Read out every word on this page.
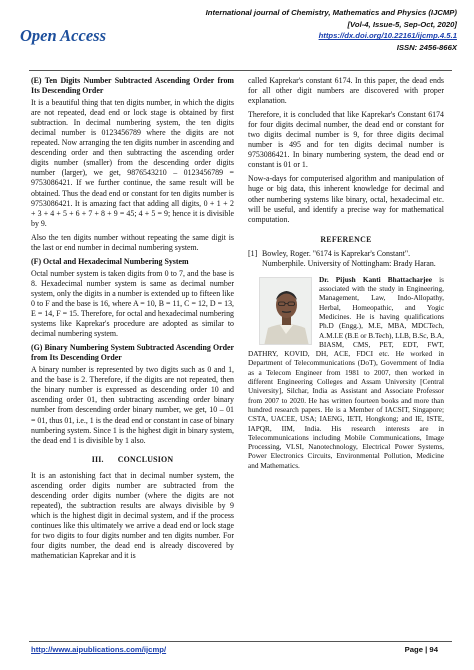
Open Access
International journal of Chemistry, Mathematics and Physics (IJCMP)
[Vol-4, Issue-5, Sep-Oct, 2020]
https://dx.doi.org/10.22161/ijcmp.4.5.1
ISSN: 2456-866X
(E) Ten Digits Number Subtracted Ascending Order from Its Descending Order
It is a beautiful thing that ten digits number, in which the digits are not repeated, dead end or lock stage is obtained by first subtraction. In decimal numbering system, the ten digits decimal number is 0123456789 where the digits are not repeated. Now arranging the ten digits number in ascending and descending order and then subtracting the ascending order digits number (smaller) from the descending order digits number (larger), we get, 9876543210 – 0123456789 = 9753086421. If we further continue, the same result will be obtained. Thus the dead end or constant for ten digits number is 9753086421. It is amazing fact that adding all digits, 0 + 1 + 2 + 3 + 4 + 5 + 6 + 7 + 8 + 9 = 45; 4 + 5 = 9; hence it is divisible by 9.
Also the ten digits number without repeating the same digit is the last or end number in decimal numbering system.
(F) Octal and Hexadecimal Numbering System
Octal number system is taken digits from 0 to 7, and the base is 8. Hexadecimal number system is same as decimal number system, only the digits in a number is extended up to fifteen like 0 to F and the base is 16, where A = 10, B = 11, C = 12, D = 13, E = 14, F = 15. Therefore, for octal and hexadecimal numbering systems like Kaprekar's procedure are adopted as similar to decimal numbering system.
(G) Binary Numbering System Subtracted Ascending Order from Its Descending Order
A binary number is represented by two digits such as 0 and 1, and the base is 2. Therefore, if the digits are not repeated, then the binary number is expressed as descending order 10 and ascending order 01, then subtracting ascending order binary number from descending order binary number, we get, 10 – 01 = 01, thus 01, i.e., 1 is the dead end or constant in case of binary numbering system. Since 1 is the highest digit in binary system, the dead end 1 is divisible by 1 also.
III. CONCLUSION
It is an astonishing fact that in decimal number system, the ascending order digits number are subtracted from the descending order digits number (where the digits are not repeated), the subtraction results are always divisible by 9 which is the highest digit in decimal system, and if the process continues like this ultimately we arrive a dead end or lock stage for two digits to four digits number and ten digits number. For four digits number, the dead end is already discovered by mathematician Kaprekar and it is
called Kaprekar's constant 6174. In this paper, the dead ends for all other digit numbers are discovered with proper explanation.
Therefore, it is concluded that like Kaprekar's Constant 6174 for four digits decimal number, the dead end or constant for two digits decimal number is 9, for three digits decimal number is 495 and for ten digits decimal number is 9753086421. In binary numbering system, the dead end or constant is 01 or 1.
Now-a-days for computerised algorithm and manipulation of huge or big data, this inherent knowledge for decimal and other numbering systems like binary, octal, hexadecimal etc. will be useful, and identify a precise way for mathematical computation.
REFERENCE
[1] Bowley, Roger. "6174 is Kaprekar's Constant". Numberphile. University of Nottingham: Brady Haran.
Dr. Pijush Kanti Bhattacharjee is associated with the study in Engineering, Management, Law, Indo-Allopathy, Herbal, Homeopathic, and Yogic Medicines. He is having qualifications Ph.D (Engg.), M.E, MBA, MDCTech, A.M.I.E (B.E or B.Tech), LLB, B.Sc, B.A, BIASM, CMS, PET, EDT, FWT, DATHRY, KOVID, DH, ACE, FDCI etc. He worked in Department of Telecommunications (DoT), Government of India as a Telecom Engineer from 1981 to 2007, then worked in different Engineering Colleges and Assam University [Central University], Silchar, India as Assistant and Associate Professor from 2007 to 2020. He has written fourteen books and more than hundred research papers. He is a Member of IACSIT, Singapore; CSTA, UACEE, USA; IAENG, IETI, Hongkong; and IE, ISTE, IAPQR, IIM, India. His research interests are in Telecommunications including Mobile Communications, Image Processing, VLSI, Nanotechnology, Electrical Power Systems, Power Electronics Circuits, Environmental Pollution, Medicine and Mathematics.
http://www.aipublications.com/ijcmp/	Page | 94
